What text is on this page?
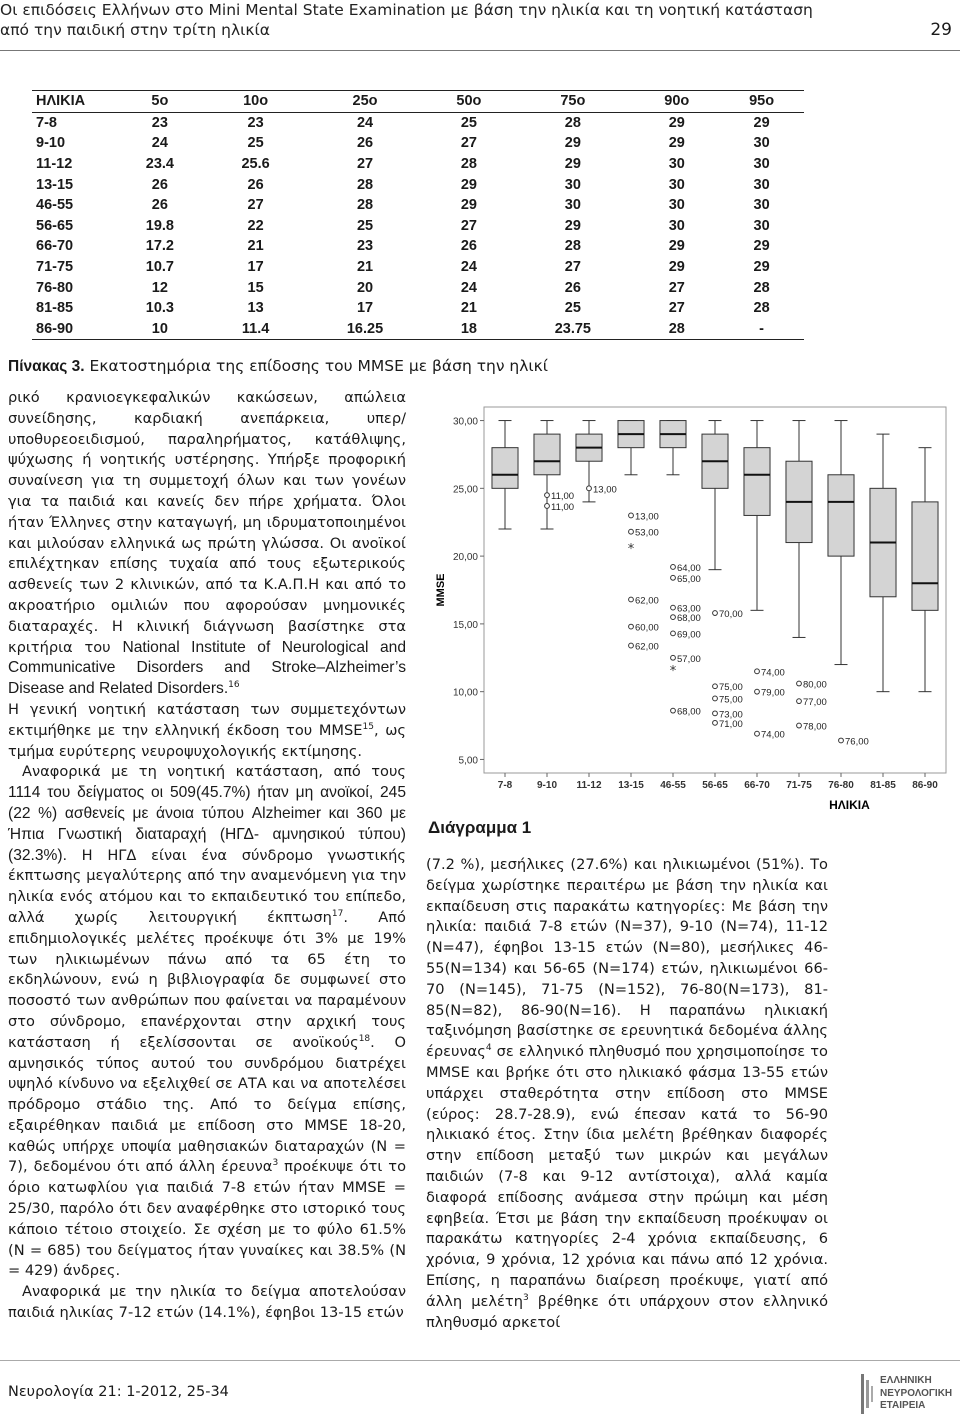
Οι επιδόσεις Ελλήνων στο Mini Mental State Examination με βάση την ηλικία και τη νοητική κατάσταση
από την παιδική στην τρίτη ηλικία	29
ΗΛΙΚΙΑ	5ο	10ο	25ο	50ο	75ο	90ο	95ο
7-8	23	23	24	25	28	29	29
9-10	24	25	26	27	29	29	30
11-12	23.4	25.6	27	28	29	30	30
13-15	26	26	28	29	30	30	30
46-55	26	27	28	29	30	30	30
56-65	19.8	22	25	27	29	30	30
66-70	17.2	21	23	26	28	29	29
71-75	10.7	17	21	24	27	29	29
76-80	12	15	20	24	26	27	28
81-85	10.3	13	17	21	25	27	28
86-90	10	11.4	16.25	18	23.75	28	-
Πίνακας 3. Εκατοστημόρια της επίδοσης του MMSE με βάση την ηλικί

ρικό κρανιοεγκεφαλικών κακώσεων, απώλεια συνείδησης, καρδιακή ανεπάρκεια, υπερ/υποθυρεοειδισμού, παραληρήματος, κατάθλιψης, ψύχωσης ή νοητικής υστέρησης. Υπήρξε προφορική συναίνεση για τη συμμετοχή όλων και των γονέων για τα παιδιά και κανείς δεν πήρε χρήματα. Όλοι ήταν Έλληνες στην καταγωγή, μη ιδρυματοποιημένοι και μιλούσαν ελληνικά ως πρώτη γλώσσα. Οι ανοϊκοί επιλέχτηκαν επίσης τυχαία από τους εξωτερικούς ασθενείς των 2 κλινικών, από τα Κ.Α.Π.Η και από το ακροατήριο ομιλιών που αφορούσαν μνημονικές διαταραχές. Η κλινική διάγνωση βασίστηκε στα κριτήρια του National Institute of Neurological and Communicative Disorders and Stroke–Alzheimer’s Disease and Related Disorders.$^{16}$

Η γενική νοητική κατάσταση των συμμετεχόντων εκτιμήθηκε με την ελληνική έκδοση του MMSE$^{15}$, ως τμήμα ευρύτερης νευροψυχολογικής εκτίμησης.

Αναφορικά με τη νοητική κατάσταση, από τους 1114 του δείγματος οι 509(45.7%) ήταν μη ανοϊκοί, 245 (22 %) ασθενείς με άνοια τύπου Alzheimer και 360 με Ήπια Γνωστική διαταραχή (ΗΓΔ- αμνησικού τύπου) (32.3%). Η ΗΓΔ είναι ένα σύνδρομο γνωστικής έκπτωσης μεγαλύτερης από την αναμενόμενη για την ηλικία ενός ατόμου και το εκπαιδευτικό του επίπεδο, αλλά χωρίς λειτουργική έκπτωση$^{17}$. Από επιδημιολογικές μελέτες προέκυψε ότι 3% με 19% των ηλικιωμένων πάνω από τα 65 έτη το εκδηλώνουν, ενώ η βιβλιογραφία δε συμφωνεί στο ποσοστό των ανθρώπων που φαίνεται να παραμένουν στο σύνδρομο, επανέρχονται στην αρχική τους κατάσταση ή εξελίσσονται σε ανοϊκούς$^{18}$. Ο αμνησικός τύπος αυτού του συνδρόμου διατρέχει υψηλό κίνδυνο να εξελιχθεί σε ΑΤΑ και να αποτελέσει πρόδρομο στάδιο της. Από το δείγμα επίσης, εξαιρέθηκαν παιδιά με επίδοση στο MMSE 18-20, καθώς υπήρχε υποψία μαθησιακών διαταραχών (N = 7), δεδομένου ότι από άλλη έρευνα$^3$ προέκυψε ότι το όριο κατωφλίου για παιδιά 7-8 ετών ήταν MMSE = 25/30, παρόλο ότι δεν αναφέρθηκε στο ιστορικό τους κάποιο τέτοιο στοιχείο. Σε σχέση με το φύλο 61.5% (N = 685) του δείγματος ήταν γυναίκες και 38.5% (N = 429) άνδρες.

Αναφορικά με την ηλικία το δείγμα αποτελούσαν παιδιά ηλικίας 7-12 ετών (14.1%), έφηβοι 13-15 ετών

5,00
10,00
15,00
20,00
25,00
30,00
7-8 9-10 11-12 13-15 46-55 56-65 66-70 71-75 76-80 81-85 86-90
MMSE
ΗΛΙΚΙΑ
11,00
11,00
13,00
13,00
53,00
*
64,00
65,00
62,00
63,00
68,00 70,00
60,00
69,00
62,00
57,00
*	74,00
80,00
75,00 79,00
75,00	77,00
68,00 73,00
71,00	78,00
74,00
76,00
Διάγραμμα 1

(7.2 %), μεσήλικες (27.6%) και ηλικιωμένοι (51%). Το δείγμα χωρίστηκε περαιτέρω με βάση την ηλικία και εκπαίδευση στις παρακάτω κατηγορίες: Με βάση την ηλικία: παιδιά 7-8 ετών (N=37), 9-10 (N=74), 11-12 (N=47), έφηβοι 13-15 ετών (N=80), μεσήλικες 46-55(N=134) και 56-65 (N=174) ετών, ηλικιωμένοι 66-70 (N=145), 71-75 (N=152), 76-80(N=173), 81-85(N=82), 86-90(N=16). Η παραπάνω ηλικιακή ταξινόμηση βασίστηκε σε ερευνητικά δεδομένα άλλης έρευνας$^4$ σε ελληνικό πληθυσμό που χρησιμοποίησε το MMSE και βρήκε ότι στο ηλικιακό φάσμα 13-55 ετών υπάρχει σταθερότητα στην επίδοση στο MMSE (εύρος: 28.7-28.9), ενώ έπεσαν κατά το 56-90 ηλικιακό έτος. Στην ίδια μελέτη βρέθηκαν διαφορές στην επίδοση μεταξύ των μικρών και μεγάλων παιδιών (7-8 και 9-12 αντίστοιχα), αλλά καμία διαφορά επίδοσης ανάμεσα στην πρώιμη και μέση εφηβεία. Έτσι με βάση την εκπαίδευση προέκυψαν οι παρακάτω κατηγορίες 2-4 χρόνια εκπαίδευσης, 6 χρόνια, 9 χρόνια, 12 χρόνια και πάνω από 12 χρόνια. Επίσης, η παραπάνω διαίρεση προέκυψε, γιατί από άλλη μελέτη$^3$ βρέθηκε ότι υπάρχουν στον ελληνικό πληθυσμό αρκετοί

Νευρολογία 21: 1-2012, 25-34
ΕΛΛΗΝΙΚΗ
ΝΕΥΡΟΛΟΓΙΚΗ
ΕΤΑΙΡΕΙΑ
